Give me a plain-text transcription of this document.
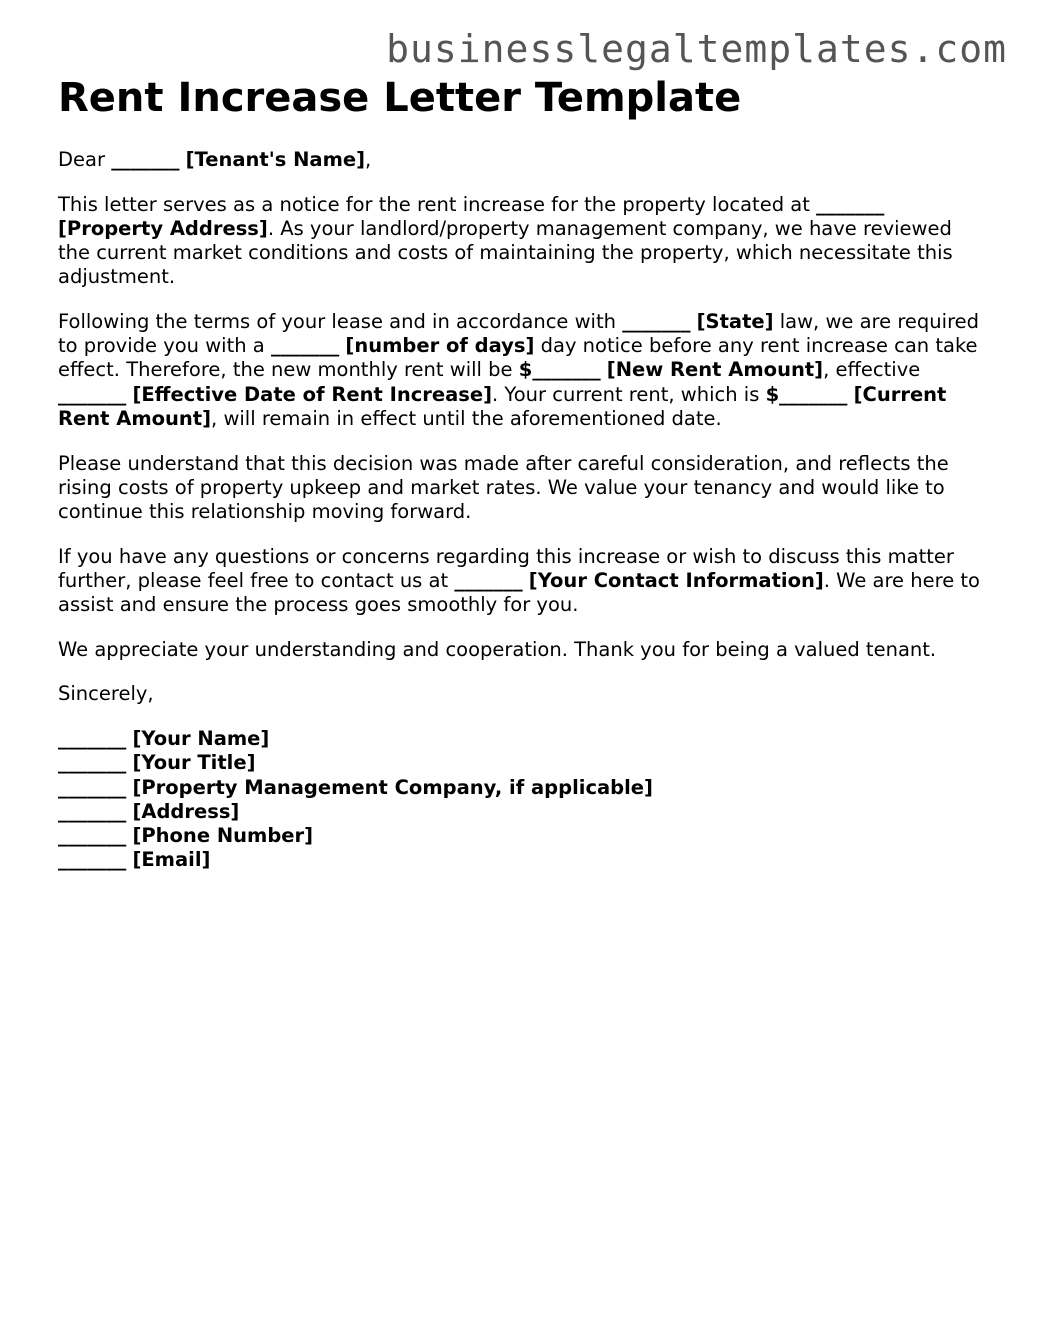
businesslegaltemplates.com
Rent Increase Letter Template

Dear _______ [Tenant's Name],

This letter serves as a notice for the rent increase for the property located at _______ [Property Address]. As your landlord/property management company, we have reviewed the current market conditions and costs of maintaining the property, which necessitate this adjustment.

Following the terms of your lease and in accordance with _______ [State] law, we are required to provide you with a _______ [number of days] day notice before any rent increase can take effect. Therefore, the new monthly rent will be $_______ [New Rent Amount], effective _______ [Effective Date of Rent Increase]. Your current rent, which is $_______ [Current Rent Amount], will remain in effect until the aforementioned date.

Please understand that this decision was made after careful consideration, and reflects the rising costs of property upkeep and market rates. We value your tenancy and would like to continue this relationship moving forward.

If you have any questions or concerns regarding this increase or wish to discuss this matter further, please feel free to contact us at _______ [Your Contact Information]. We are here to assist and ensure the process goes smoothly for you.

We appreciate your understanding and cooperation. Thank you for being a valued tenant.

Sincerely,

_______ [Your Name]
_______ [Your Title]
_______ [Property Management Company, if applicable]
_______ [Address]
_______ [Phone Number]
_______ [Email]
